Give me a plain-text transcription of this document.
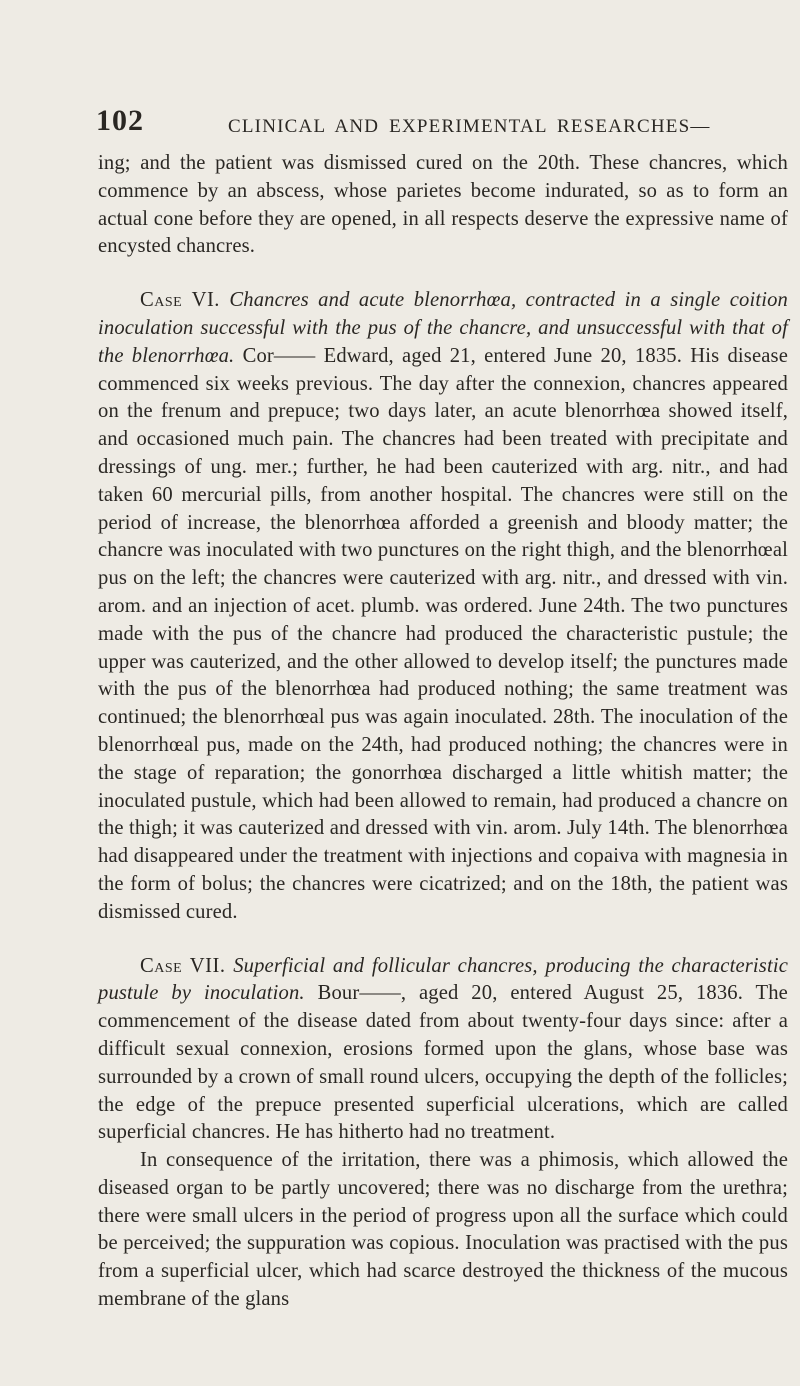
102	CLINICAL AND EXPERIMENTAL RESEARCHES—

ing; and the patient was dismissed cured on the 20th. These chancres, which commence by an abscess, whose parietes become indurated, so as to form an actual cone before they are opened, in all respects deserve the expressive name of encysted chancres.

Case VI. Chancres and acute blenorrhœa, contracted in a single coition inoculation successful with the pus of the chancre, and unsuccessful with that of the blenorrhœa. Cor—— Edward, aged 21, entered June 20, 1835. His disease commenced six weeks previous. The day after the connexion, chancres appeared on the frenum and prepuce; two days later, an acute blenorrhœa showed itself, and occasioned much pain. The chancres had been treated with precipitate and dressings of ung. mer.; further, he had been cauterized with arg. nitr., and had taken 60 mercurial pills, from another hospital. The chancres were still on the period of increase, the blenorrhœa afforded a greenish and bloody matter; the chancre was inoculated with two punctures on the right thigh, and the blenorrhœal pus on the left; the chancres were cauterized with arg. nitr., and dressed with vin. arom. and an injection of acet. plumb. was ordered. June 24th. The two punctures made with the pus of the chancre had produced the characteristic pustule; the upper was cauterized, and the other allowed to develop itself; the punctures made with the pus of the blenorrhœa had produced nothing; the same treatment was continued; the blenorrhœal pus was again inoculated. 28th. The inoculation of the blenorrhœal pus, made on the 24th, had produced nothing; the chancres were in the stage of reparation; the gonorrhœa discharged a little whitish matter; the inoculated pustule, which had been allowed to remain, had produced a chancre on the thigh; it was cauterized and dressed with vin. arom. July 14th. The blenorrhœa had disappeared under the treatment with injections and copaiva with magnesia in the form of bolus; the chancres were cicatrized; and on the 18th, the patient was dismissed cured.

Case VII. Superficial and follicular chancres, producing the characteristic pustule by inoculation. Bour——, aged 20, entered August 25, 1836. The commencement of the disease dated from about twenty-four days since: after a difficult sexual connexion, erosions formed upon the glans, whose base was surrounded by a crown of small round ulcers, occupying the depth of the follicles; the edge of the prepuce presented superficial ulcerations, which are called superficial chancres. He has hitherto had no treatment.

In consequence of the irritation, there was a phimosis, which allowed the diseased organ to be partly uncovered; there was no discharge from the urethra; there were small ulcers in the period of progress upon all the surface which could be perceived; the suppuration was copious. Inoculation was practised with the pus from a superficial ulcer, which had scarce destroyed the thickness of the mucous membrane of the glans
